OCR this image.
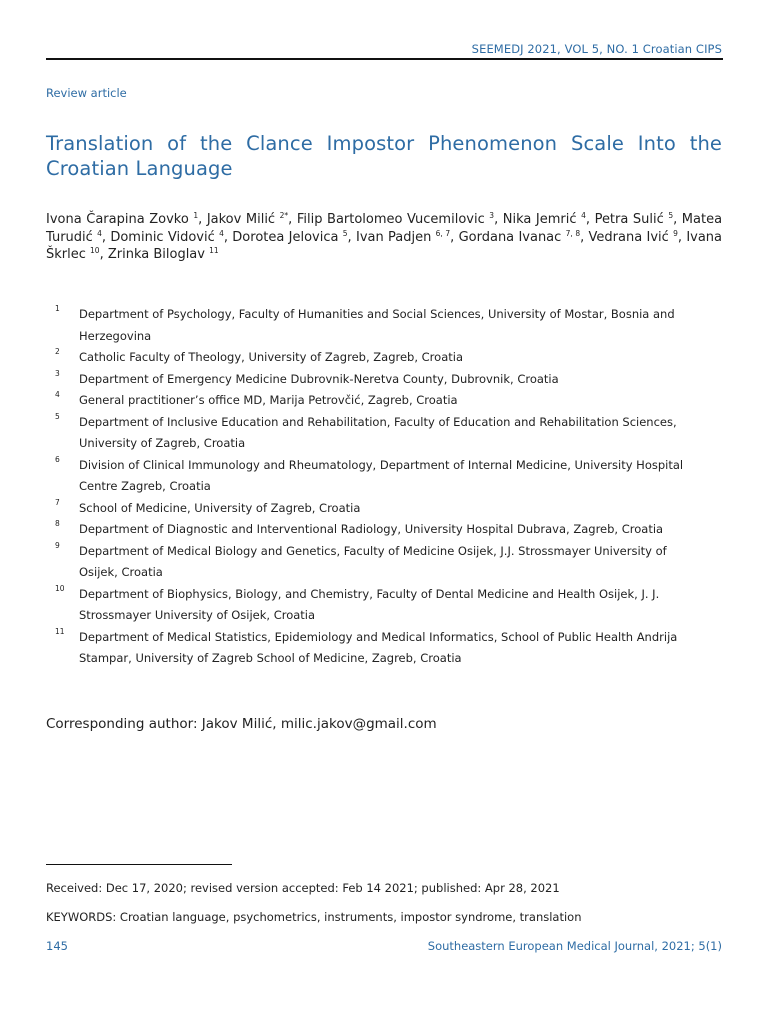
SEEMEDJ 2021, VOL 5, NO. 1 Croatian CIPS
Review article
Translation of the Clance Impostor Phenomenon Scale Into the Croatian Language
Ivona Čarapina Zovko $^1$, Jakov Milić $^{2*}$, Filip Bartolomeo Vucemilovic $^3$, Nika Jemrić $^4$, Petra Sulić $^5$, Matea Turudić $^4$, Dominic Vidović $^4$, Dorotea Jelovica $^5$, Ivan Padjen $^{6, 7}$, Gordana Ivanac $^{7, 8}$, Vedrana Ivić $^9$, Ivana Škrlec $^{10}$, Zrinka Biloglav $^{11}$
1 Department of Psychology, Faculty of Humanities and Social Sciences, University of Mostar, Bosnia and Herzegovina
2 Catholic Faculty of Theology, University of Zagreb, Zagreb, Croatia
3 Department of Emergency Medicine Dubrovnik-Neretva County, Dubrovnik, Croatia
4 General practitioner’s office MD, Marija Petrovčić, Zagreb, Croatia
5 Department of Inclusive Education and Rehabilitation, Faculty of Education and Rehabilitation Sciences, University of Zagreb, Croatia
6 Division of Clinical Immunology and Rheumatology, Department of Internal Medicine, University Hospital Centre Zagreb, Croatia
7 School of Medicine, University of Zagreb, Croatia
8 Department of Diagnostic and Interventional Radiology, University Hospital Dubrava, Zagreb, Croatia
9 Department of Medical Biology and Genetics, Faculty of Medicine Osijek, J.J. Strossmayer University of Osijek, Croatia
10 Department of Biophysics, Biology, and Chemistry, Faculty of Dental Medicine and Health Osijek, J. J. Strossmayer University of Osijek, Croatia
11 Department of Medical Statistics, Epidemiology and Medical Informatics, School of Public Health Andrija Stampar, University of Zagreb School of Medicine, Zagreb, Croatia
Corresponding author: Jakov Milić, milic.jakov@gmail.com
Received: Dec 17, 2020; revised version accepted: Feb 14 2021; published: Apr 28, 2021
KEYWORDS: Croatian language, psychometrics, instruments, impostor syndrome, translation
145	Southeastern European Medical Journal, 2021; 5(1)
